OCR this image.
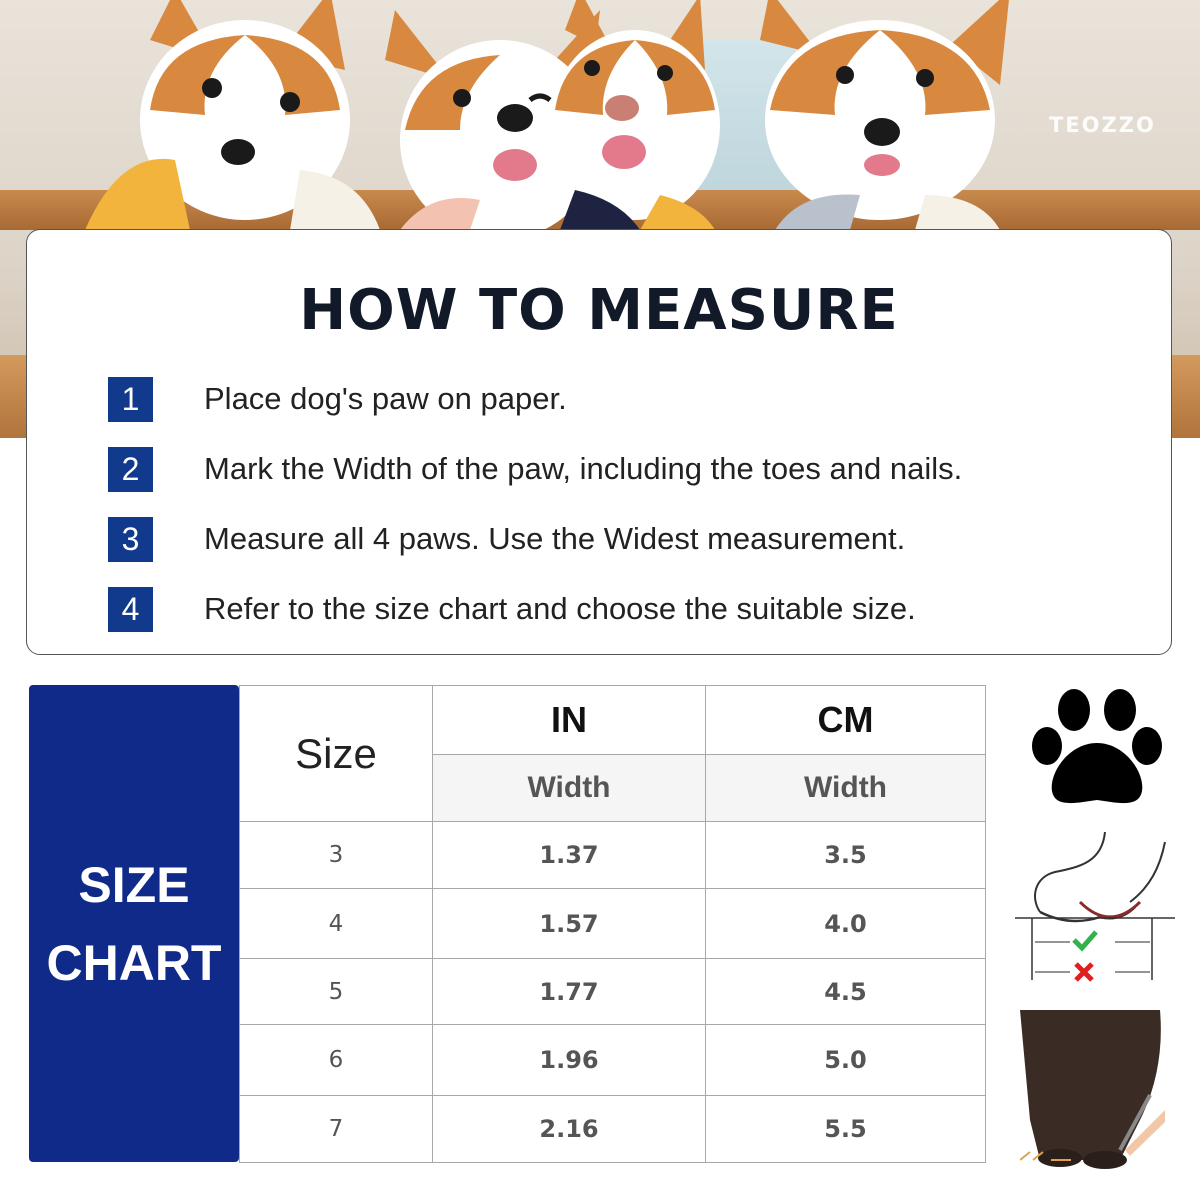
TEOZZO
HOW TO MEASURE
1	Place dog's paw on paper.
2	Mark the Width of the paw, including the toes and nails.
3	Measure all 4 paws. Use the Widest measurement.
4	Refer to the size chart and choose the suitable size.
SIZE
CHART
Size	IN	CM
	Width	Width
3	1.37	3.5
4	1.57	4.0
5	1.77	4.5
6	1.96	5.0
7	2.16	5.5
